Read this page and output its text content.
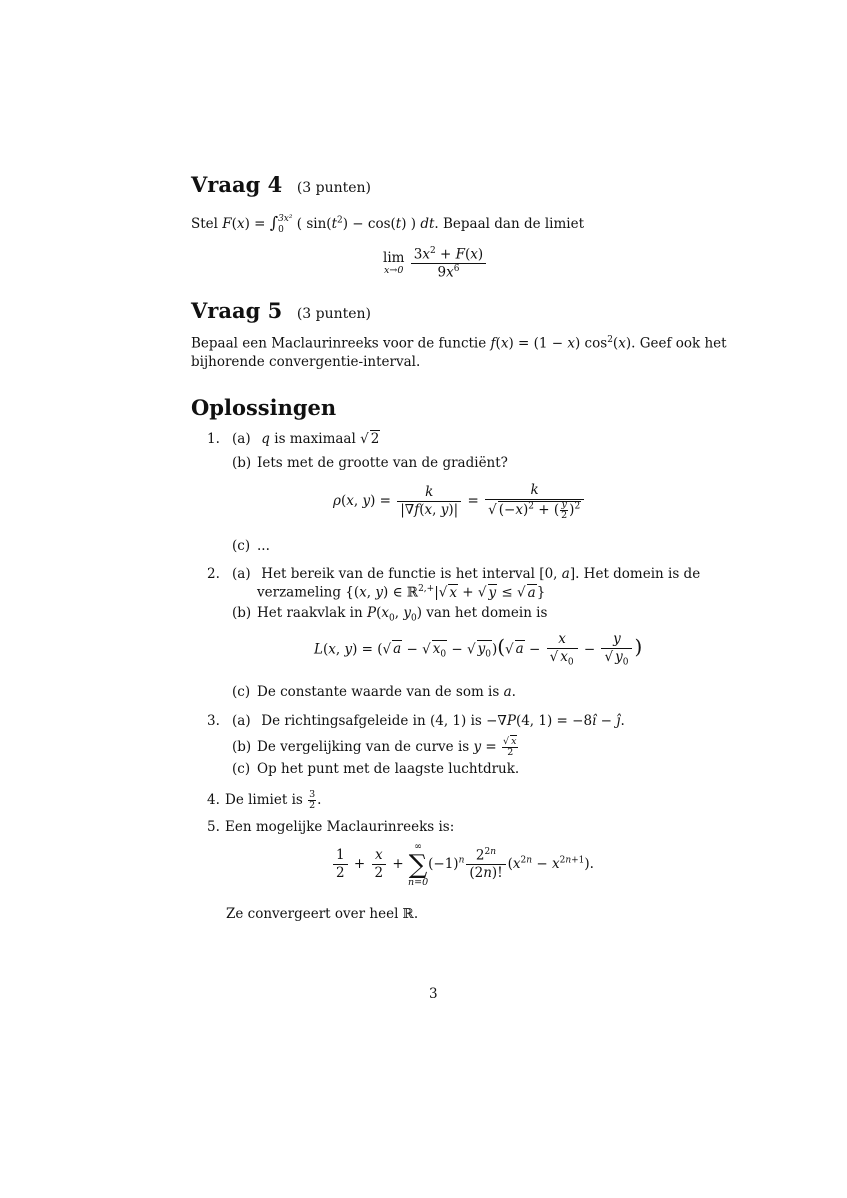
Vraag 4 (3 punten)
Stel F(x) = ∫ 3x²
0 ( $\sin(t^2) - \cos(t)$ ) dt. Bepaal dan de limiet
lim
x→0
$\frac{3x^2 + F(x)}{9x^6}$
Vraag 5 (3 punten)
Bepaal een Maclaurinreeks voor de functie f(x) = (1 − x) $\cos^2(x)$. Geef ook het
bijhorende convergentie-interval.
Oplossingen
1. (a) q is maximaal √ 2
(b) Iets met de grootte van de gradiënt?
ρ(x, $y) = \frac{k}{|\nabla f(x, y)|} = \frac{k}{√ (-x)^2 + ( \frac{y}{2} )^2}$
(c) ...
2. (a) Het bereik van de functie is het interval [0, a]. Het domein is de
verzameling {(x, y) ∈ ℝ$^{2,+}$|√ x + √ y ≤ √ a}
(b) Het raakvlak in $P(x_0$, $y_0$) van het domein is
L(x, y) = (√ a − √ $x_0$ − √ $y_0)(√$ $a - \frac{x}{√ x_0} - \frac{y}{√ y_0}$ )
(c) De constante waarde van de som is a.
3. (a) De richtingsafgeleide in (4, 1) is −∇P(4, 1) = −8î − ĵ.
(b) De vergelijking van de curve is $y = \frac{√ x}{2}$
(c) Op het punt met de laagste luchtdruk.
4. De limiet is $\frac{3}{2}$ .
5. Een mogelijke Maclaurinreeks is:
$\frac{1}{2} + \frac{x}{2}$ +
∞
∑
n=0
$(-1)^n \frac{2^{2n}}{(2n)!} (x^{2n} - x^{2n+1})$.
Ze convergeert over heel ℝ.
3
